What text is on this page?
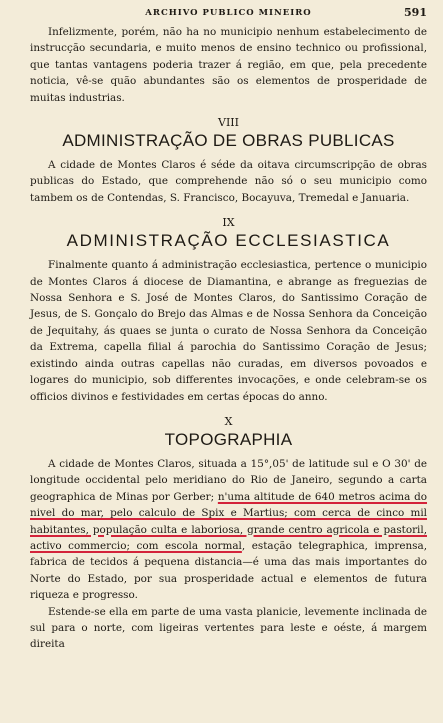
ARCHIVO PUBLICO MINEIRO	591

Infelizmente, porém, não ha no municipio nenhum estabelecimento de instrucção secundaria, e muito menos de ensino technico ou profissional, que tantas vantagens poderia trazer á região, em que, pela precedente noticia, vê-se quão abundantes são os elementos de prosperidade de muitas industrias.

VIII
ADMINISTRAÇÃO DE OBRAS PUBLICAS

A cidade de Montes Claros é séde da oitava circumscripção de obras publicas do Estado, que comprehende não só o seu municipio como tambem os de Contendas, S. Francisco, Bocayuva, Tremedal e Januaria.

IX
ADMINISTRAÇÃO ECCLESIASTICA

Finalmente quanto á administração ecclesiastica, pertence o municipio de Montes Claros á diocese de Diamantina, e abrange as freguezias de Nossa Senhora e S. José de Montes Claros, do Santissimo Coração de Jesus, de S. Gonçalo do Brejo das Almas e de Nossa Senhora da Conceição de Jequitahy, ás quaes se junta o curato de Nossa Senhora da Conceição da Extrema, capella filial á parochia do Santissimo Coração de Jesus; existindo ainda outras capellas não curadas, em diversos povoados e logares do municipio, sob differentes invocações, e onde celebram-se os officios divinos e festividades em certas épocas do anno.

X
TOPOGRAPHIA

A cidade de Montes Claros, situada a 15°,05' de latitude sul e O 30' de longitude occidental pelo meridiano do Rio de Janeiro, segundo a carta geographica de Minas por Gerber; n'uma altitude de 640 metros acima do nivel do mar, pelo calculo de Spix e Martius; com cerca de cinco mil habitantes, população culta e laboriosa, grande centro agricola e pastoril, activo commercio; com escola normal, estação telegraphica, imprensa, fabrica de tecidos á pequena distancia—é uma das mais importantes do Norte do Estado, por sua prosperidade actual e elementos de futura riqueza e progresso.

Estende-se ella em parte de uma vasta planicie, levemente inclinada de sul para o norte, com ligeiras vertentes para leste e oéste, á margem direita
